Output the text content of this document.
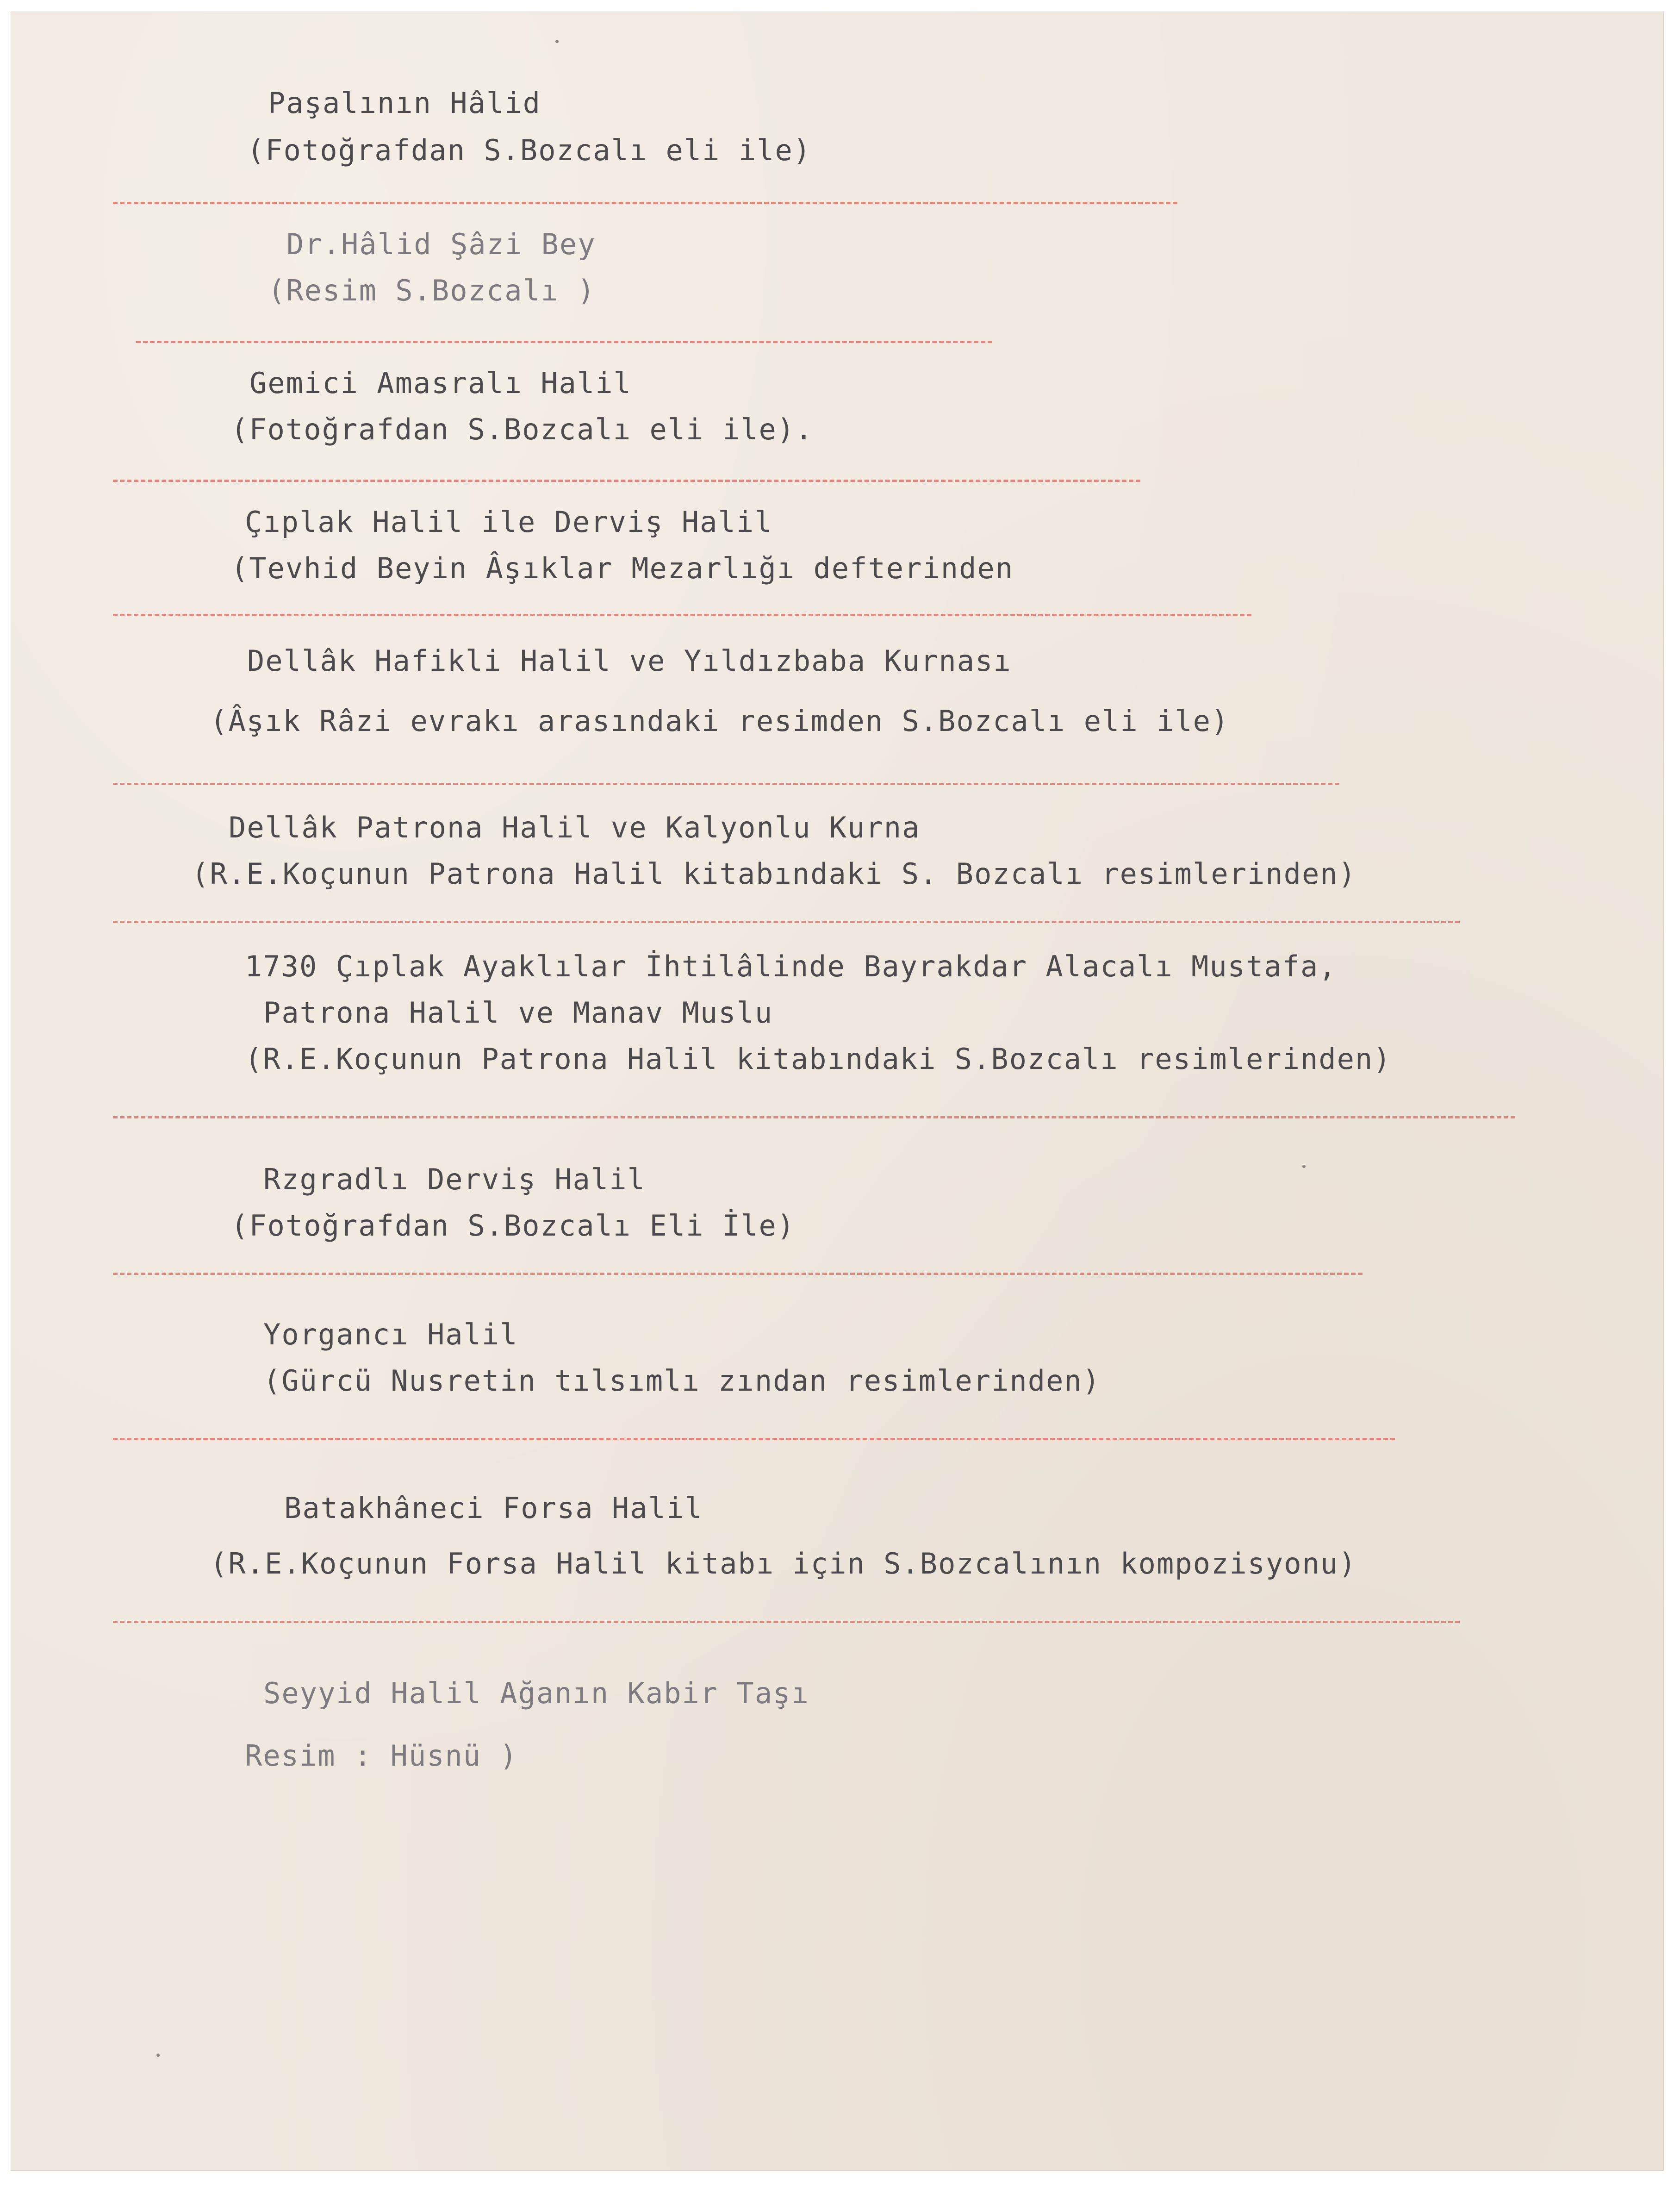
Paşalının Hâlid
(Fotoğrafdan S.Bozcalı eli ile)
Dr.Hâlid Şâzi Bey
(Resim S.Bozcalı )
Gemici Amasralı Halil
(Fotoğrafdan S.Bozcalı eli ile).
Çıplak Halil ile Derviş Halil
(Tevhid Beyin Âşıklar Mezarlığı defterinden
Dellâk Hafikli Halil ve Yıldızbaba Kurnası
(Âşık Râzi evrakı arasındaki resimden S.Bozcalı eli ile)
Dellâk Patrona Halil ve Kalyonlu Kurna
(R.E.Koçunun Patrona Halil kitabındaki S. Bozcalı resimlerinden)
1730 Çıplak Ayaklılar İhtilâlinde Bayrakdar Alacalı Mustafa,
Patrona Halil ve Manav Muslu
(R.E.Koçunun Patrona Halil kitabındaki S.Bozcalı resimlerinden)
Rzgradlı Derviş Halil
(Fotoğrafdan S.Bozcalı Eli İle)
Yorgancı Halil
(Gürcü Nusretin tılsımlı zından resimlerinden)
Batakhâneci Forsa Halil
(R.E.Koçunun Forsa Halil kitabı için S.Bozcalının kompozisyonu)
Seyyid Halil Ağanın Kabir Taşı
Resim : Hüsnü )
